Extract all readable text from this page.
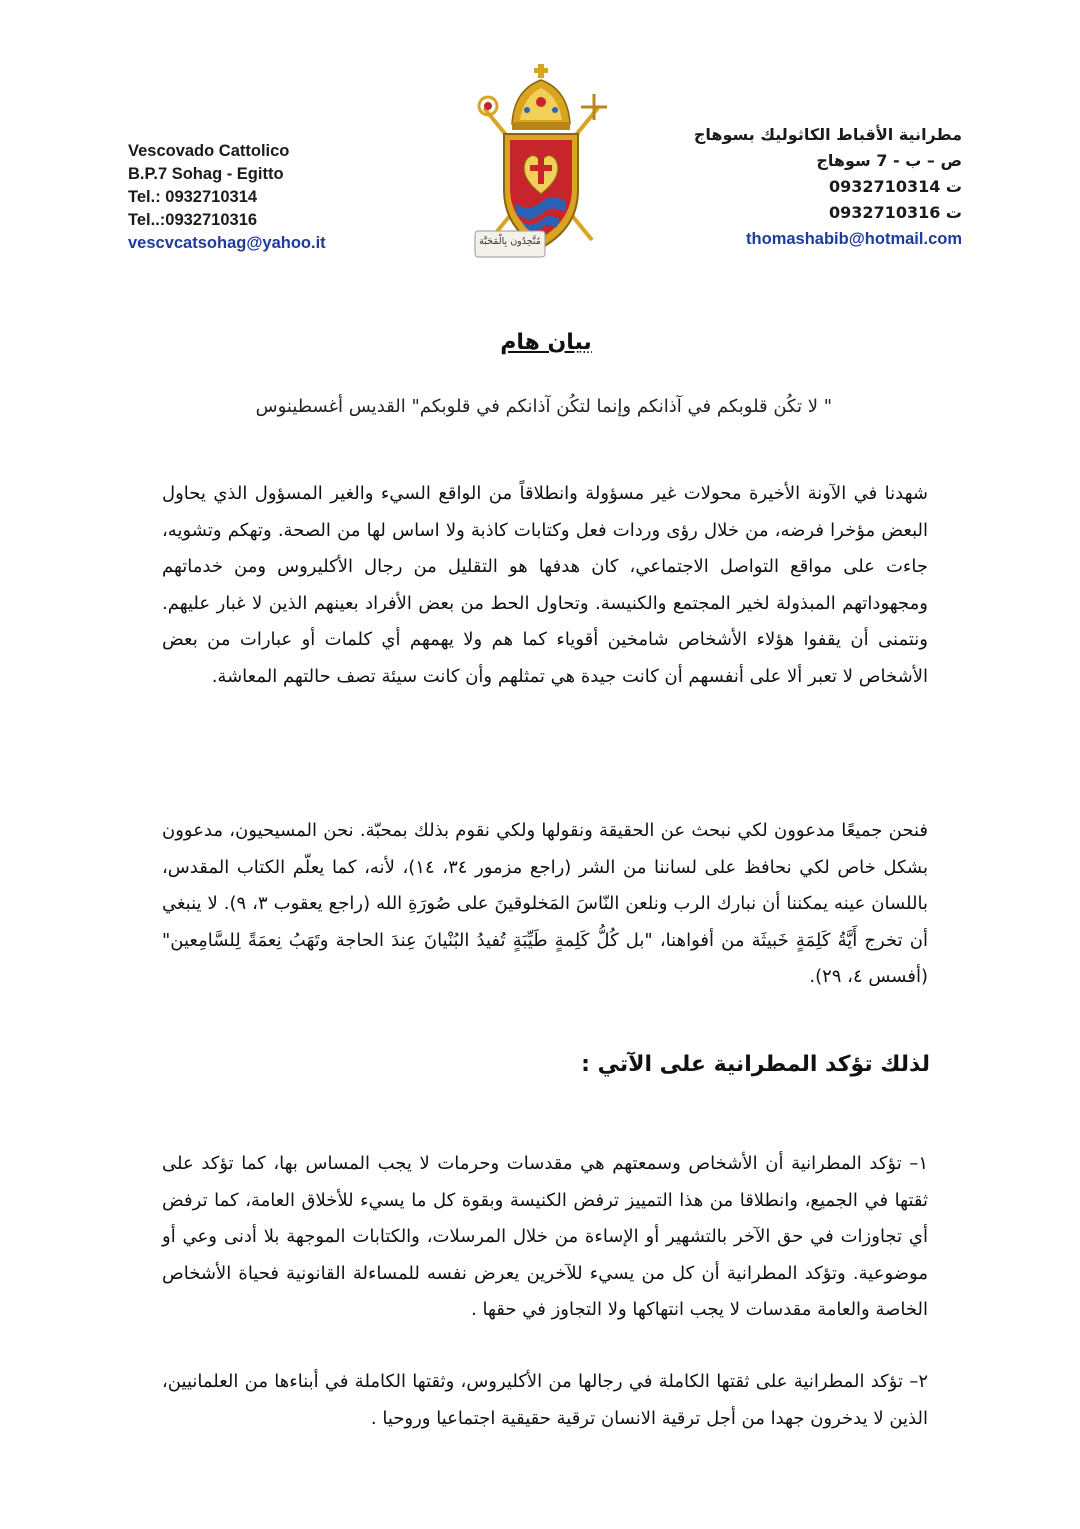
Vescovado Cattolico
B.P.7 Sohag - Egitto
Tel.: 0932710314
Tel..:0932710316
vescvcatsohag@yahoo.it	مُتَّحِدُون بِالْمَحَبَّة
مطرانية الأقباط الكاثوليك بسوهاج
ص – ب - 7 سوهاج
ت 0932710314
ت 0932710316
thomashabib@hotmail.com
بيان هام
" لا تكُن قلوبكم في آذانكم وإنما لتكُن آذانكم في قلوبكم" القديس أغسطينوس
شهدنا في الآونة الأخيرة محولات غير مسؤولة وانطلاقاً من الواقع السيء والغير المسؤول الذي يحاول البعض مؤخرا فرضه، من خلال رؤى وردات فعل وكتابات كاذبة ولا اساس لها من الصحة. وتهكم وتشويه، جاءت على مواقع التواصل الاجتماعي، كان هدفها هو التقليل من رجال الأكليروس ومن خدماتهم ومجهوداتهم المبذولة لخير المجتمع والكنيسة. وتحاول الحط من بعض الأفراد بعينهم الذين لا غبار عليهم. ونتمنى أن يقفوا هؤلاء الأشخاص شامخين أقوياء كما هم ولا يهمهم أي كلمات أو عبارات من بعض الأشخاص لا تعبر ألا على أنفسهم أن كانت جيدة هي تمثلهم وأن كانت سيئة تصف حالتهم المعاشة.
فنحن جميعًا مدعوون لكي نبحث عن الحقيقة ونقولها ولكي نقوم بذلك بمحبّة. نحن المسيحيون، مدعوون بشكل خاص لكي نحافظ على لساننا من الشر (راجع مزمور ٣٤، ١٤)، لأنه، كما يعلّم الكتاب المقدس، باللسان عينه يمكننا أن نبارك الرب ونلعن النّاسَ المَخلوقينَ على صُورَةِ الله (راجع يعقوب ٣، ٩). لا ينبغي أن تخرج أَيَّةُ كَلِمَةٍ خَبيثَة من أفواهنا، "بل كُلُّ كَلِمةٍ طَيِّبَةٍ تُفيدُ البُنْيانَ عِندَ الحاجة وتَهَبُ نِعمَةً لِلسَّامِعين" (أفسس ٤، ٢٩).
لذلك تؤكد المطرانية على الآتي :
١– تؤكد المطرانية أن الأشخاص وسمعتهم هي مقدسات وحرمات لا يجب المساس بها، كما تؤكد على ثقتها في الجميع، وانطلاقا من هذا التمييز ترفض الكنيسة وبقوة كل ما يسيء للأخلاق العامة، كما ترفض أي تجاوزات في حق الآخر بالتشهير أو الإساءة من خلال المرسلات، والكتابات الموجهة بلا أدنى وعي أو موضوعية. وتؤكد المطرانية أن كل من يسيء للآخرين يعرض نفسه للمساءلة القانونية فحياة الأشخاص الخاصة والعامة مقدسات لا يجب انتهاكها ولا التجاوز في حقها .
٢– تؤكد المطرانية على ثقتها الكاملة في رجالها من الأكليروس، وثقتها الكاملة في أبناءها من العلمانيين، الذين لا يدخرون جهدا من أجل ترقية الانسان ترقية حقيقية اجتماعيا وروحيا .
